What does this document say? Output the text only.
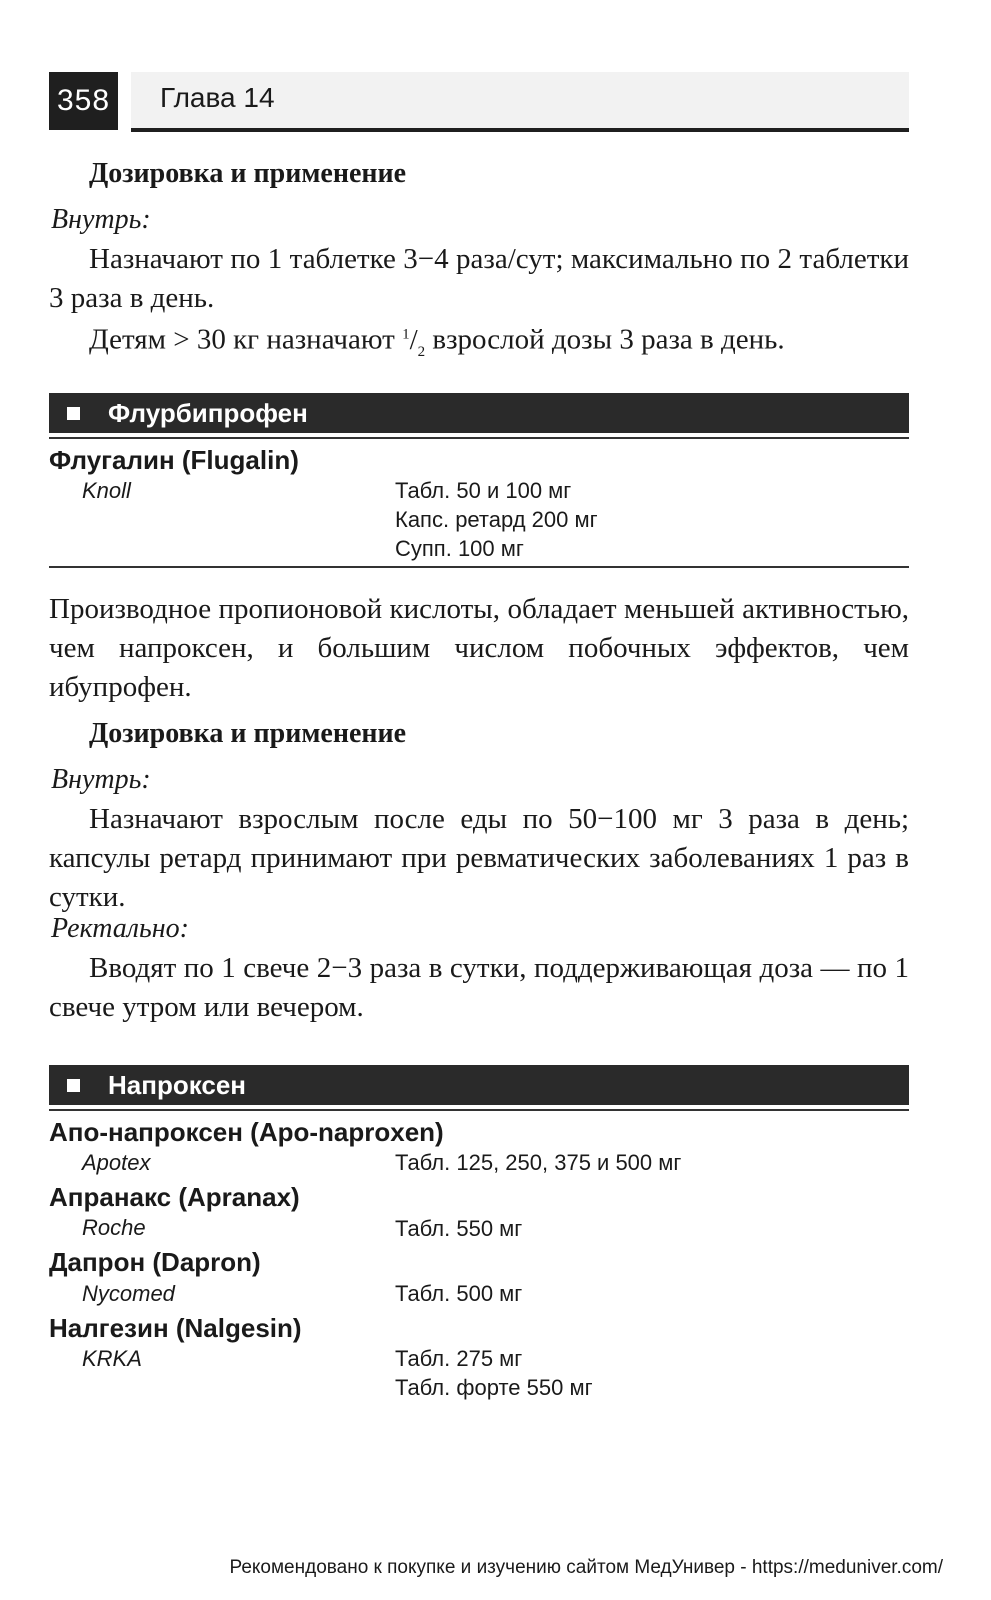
358 Глава 14
Дозировка и применение
Внутрь:
Назначают по 1 таблетке 3−4 раза/сут; максимально по 2 таблетки 3 раза в день.
Детям > 30 кг назначают $^1/_2$ взрослой дозы 3 раза в день.
Флурбипрофен
Флугалин (Flugalin)
Knoll	Табл. 50 и 100 мг
Капс. ретард 200 мг
Супп. 100 мг
Производное пропионовой кислоты, обладает меньшей активностью, чем напроксен, и большим числом побочных эффектов, чем ибупрофен.
Дозировка и применение
Внутрь:
Назначают взрослым после еды по 50−100 мг 3 раза в день; капсулы ретард принимают при ревматических заболеваниях 1 раз в сутки.
Ректально:
Вводят по 1 свече 2−3 раза в сутки, поддерживающая доза — по 1 свече утром или вечером.
Напроксен
Апо-напроксен (Apo-naproxen)
Apotex	Табл. 125, 250, 375 и 500 мг
Апранакс (Apranax)
Roche	Табл. 550 мг
Дапрон (Dapron)
Nycomed	Табл. 500 мг
Налгезин (Nalgesin)
KRKA	Табл. 275 мг
Табл. форте 550 мг
Рекомендовано к покупке и изучению сайтом МедУнивер - https://meduniver.com/
